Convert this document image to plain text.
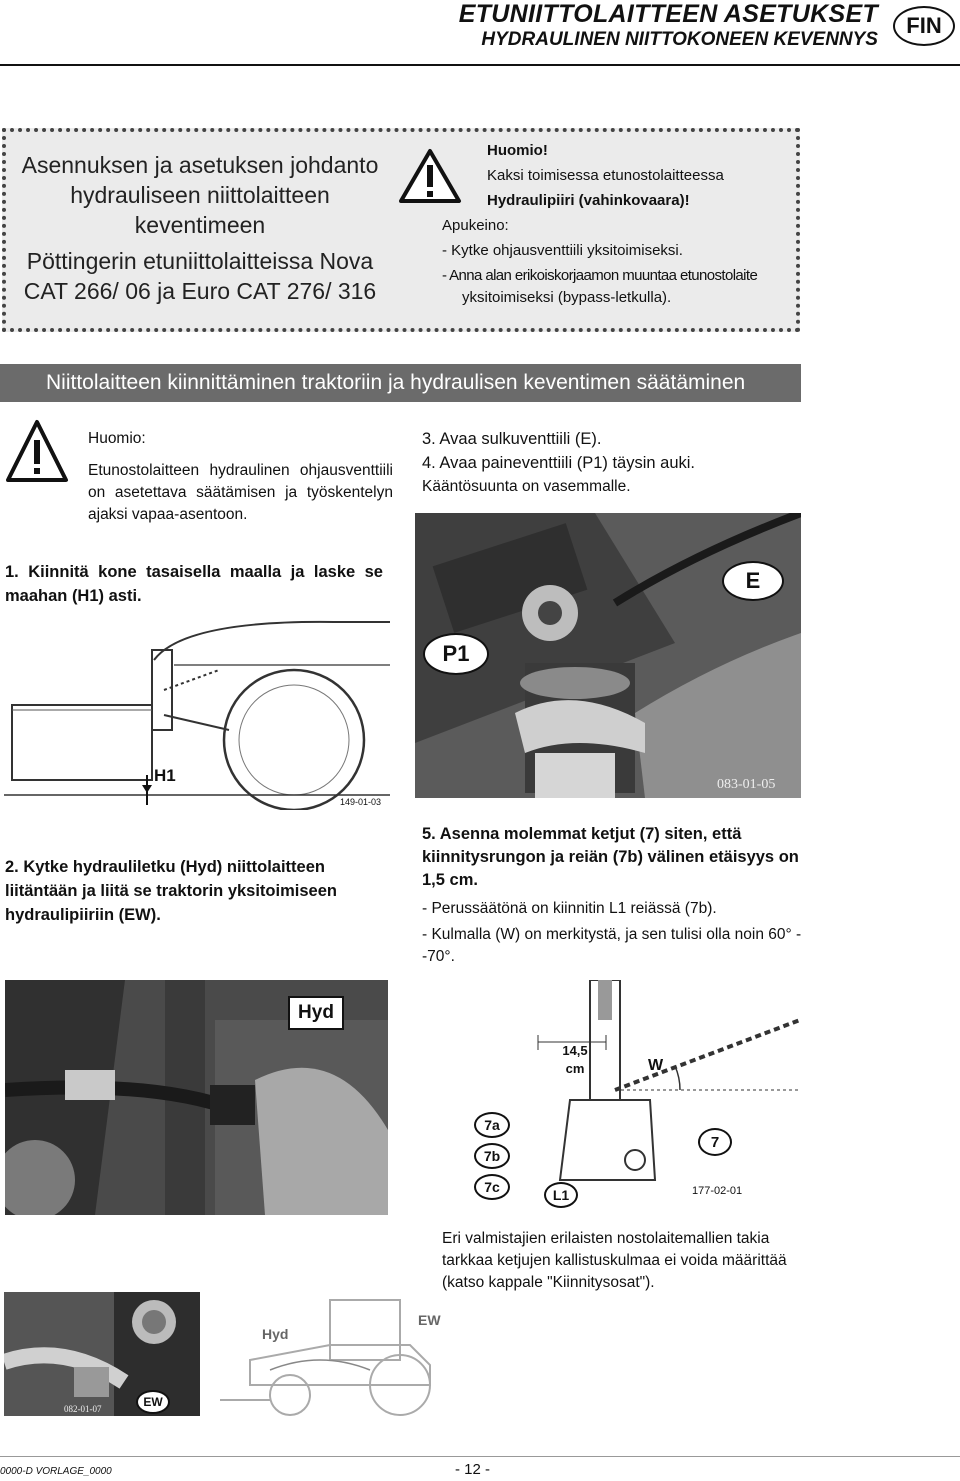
ETUNIITTOLAITTEEN ASETUKSET
HYDRAULINEN NIITTOKONEEN KEVENNYS
FIN

Asennuksen ja asetuksen johdanto

hydrauliseen niittolaitteen

keventimeen

Pöttingerin etuniittolaitteissa Nova

CAT 266/ 06 ja Euro CAT 276/ 316

Huomio!
Kaksi toimisessa etunostolaitteessa
Hydraulipiiri (vahinkovaara)!
Apukeino:
- Kytke ohjausventtiili yksitoimiseksi.
- Anna alan erikoiskorjaamon muuntaa etunostolaite
yksitoimiseksi (bypass-letkulla).
Niittolaitteen kiinnittäminen traktoriin ja hydraulisen keventimen säätäminen
Huomio:
Etunostolaitteen hydraulinen ohjausventtiili on asetettava säätämisen ja työskentelyn ajaksi vapaa-asentoon.
3. Avaa sulkuventtiili (E).
4. Avaa paineventtiili (P1) täysin auki.
Kääntösuunta on vasemmalle.
1. Kiinnitä kone tasaisella maalla ja laske se maahan (H1) asti.
H1
149-01-03
E
P1
083-01-05
2. Kytke hydrauliletku (Hyd) niittolaitteen liitäntään ja liitä se traktorin yksitoimiseen hydraulipiiriin (EW).
5. Asenna molemmat ketjut (7) siten, että kiinnitysrungon ja reiän (7b) välinen etäisyys on 1,5 cm.
- Perussäätönä on kiinnitin L1 reiässä (7b).
- Kulmalla (W) on merkitystä, ja sen tulisi olla noin 60° - -70°.
Hyd
14,5
cm	W
7a
7b
7c
7
L1	177-02-01
Eri valmistajien erilaisten nostolaitemallien takia tarkkaa ketjujen kallistuskulmaa ei voida määrittää (katso kappale "Kiinnitysosat").
EW
082-01-07
Hyd
EW
0000-D VORLAGE_0000	- 12 -
